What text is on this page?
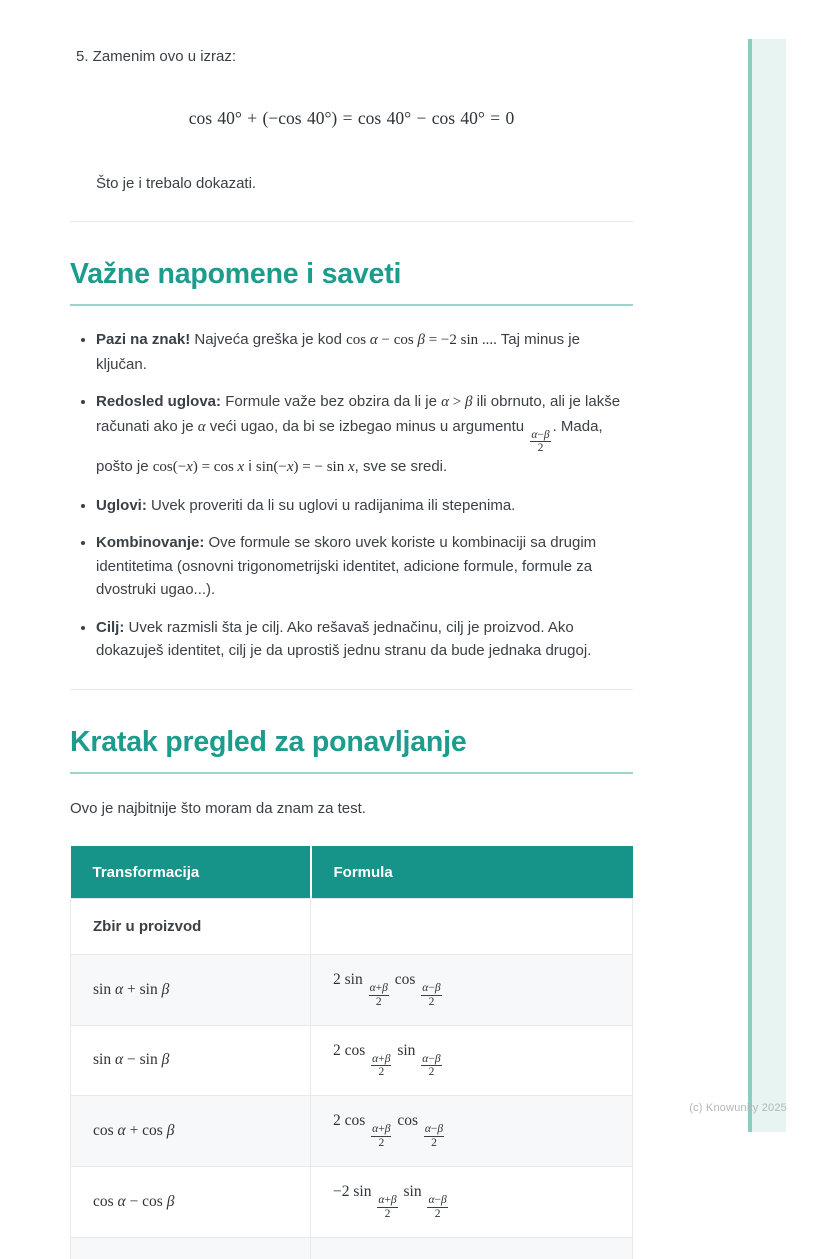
(c) Knowunity 2025

5. Zamenim ovo u izraz:

cos 40° + (−cos 40°) = cos 40° − cos 40° = 0

Što je i trebalo dokazati.

Važne napomene i saveti
• Pazi na znak! Najveća greška je kod cos α − cos β = −2 sin .... Taj minus je ključan.
• Redosled uglova: Formule važe bez obzira da li je α > β ili obrnuto, ali je lakše računati ako je α veći ugao, da bi se izbegao minus u argumentu
$\frac{\alpha-\beta}{2}$
. Mada, pošto je cos(−x) = cos x i sin(−x) = − sin x, sve se sredi.
• Uglovi: Uvek proveriti da li su uglovi u radijanima ili stepenima.
• Kombinovanje: Ove formule se skoro uvek koriste u kombinaciji sa drugim identitetima (osnovni trigonometrijski identitet, adicione formule, formule za dvostruki ugao...).
• Cilj: Uvek razmisli šta je cilj. Ako rešavaš jednačinu, cilj je proizvod. Ako dokazuješ identitet, cilj je da uprostiš jednu stranu da bude jednaka drugoj.
Kratak pregled za ponavljanje

Ovo je najbitnije što moram da znam za test.

Transformacija	Formula
Zbir u proizvod	
sin α + sin β	2 sin
$\frac{\alpha+\beta}{2}$
cos
$\frac{\alpha-\beta}{2}$

sin α − sin β	2 cos
$\frac{\alpha+\beta}{2}$
sin
$\frac{\alpha-\beta}{2}$

cos α + cos β	2 cos
$\frac{\alpha+\beta}{2}$
cos
$\frac{\alpha-\beta}{2}$

cos α − cos β	−2 sin
$\frac{\alpha+\beta}{2}$
sin
$\frac{\alpha-\beta}{2}$
